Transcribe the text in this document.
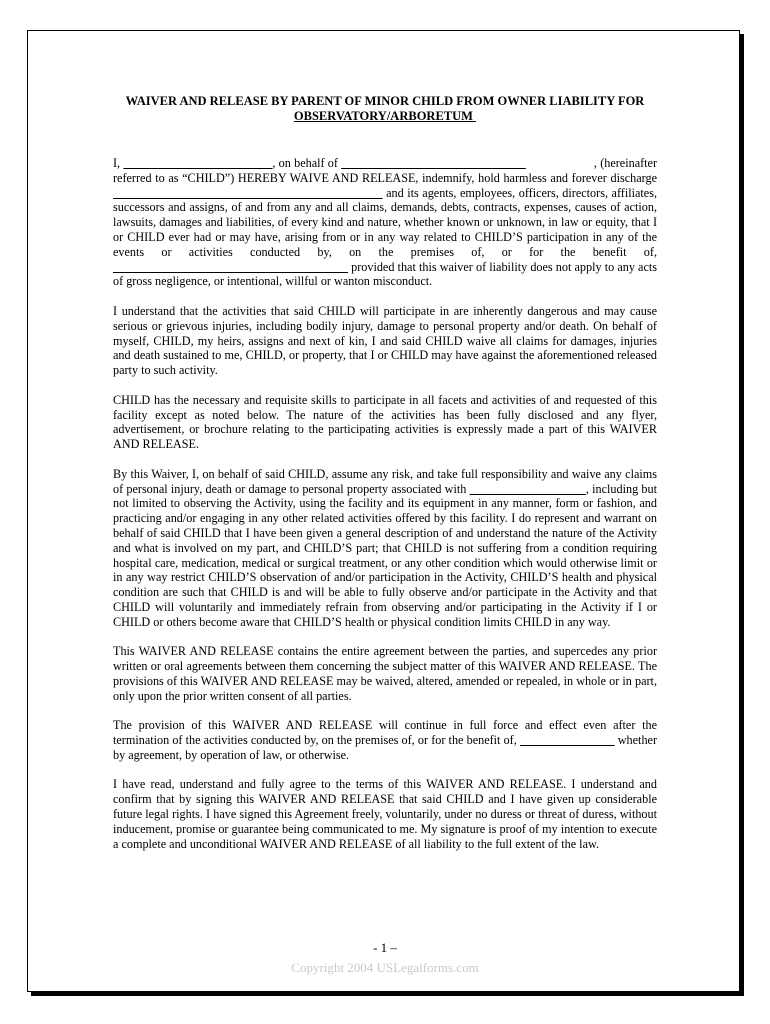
WAIVER AND RELEASE BY PARENT OF MINOR CHILD FROM OWNER LIABILITY FOR
OBSERVATORY/ARBORETUM

I,	, on behalf of	, (hereinafter referred to as “CHILD”) HEREBY WAIVE AND RELEASE, indemnify, hold harmless and forever discharge                                                                              and its agents, employees, officers, directors, affiliates, successors and assigns, of and from any and all claims, demands, debts, contracts, expenses, causes of action, lawsuits, damages and liabilities, of every kind and nature, whether known or unknown, in law or equity, that I or CHILD ever had or may have, arising from or in any way related to CHILD’S participation in any of the events or activities conducted by, on the premises of, or for the benefit of,                                                                             provided that this waiver of liability does not apply to any acts of gross negligence, or intentional, willful or wanton misconduct.

I understand that the activities that said CHILD will participate in are inherently dangerous and may cause serious or grievous injuries, including bodily injury, damage to personal property and/or death. On behalf of myself, CHILD, my heirs, assigns and next of kin, I and said CHILD waive all claims for damages, injuries and death sustained to me, CHILD, or property, that I or CHILD may have against the aforementioned released party to such activity.

CHILD has the necessary and requisite skills to participate in all facets and activities of and requested of this facility except as noted below. The nature of the activities has been fully disclosed and any flyer, advertisement, or brochure relating to the participating activities is expressly made a part of this WAIVER AND RELEASE.

By this Waiver, I, on behalf of said CHILD, assume any risk, and take full responsibility and waive any claims of personal injury, death or damage to personal property associated with	, including but not limited to observing the Activity, using the facility and its equipment in any manner, form or fashion, and practicing and/or engaging in any other related activities offered by this facility. I do represent and warrant on behalf of said CHILD that I have been given a general description of and understand the nature of the Activity and what is involved on my part, and CHILD’S part; that CHILD is not suffering from a condition requiring hospital care, medication, medical or surgical treatment, or any other condition which would otherwise limit or in any way restrict CHILD’S observation of and/or participation in the Activity, CHILD’S health and physical condition are such that CHILD is and will be able to fully observe and/or participate in the Activity and that CHILD will voluntarily and immediately refrain from observing and/or participating in the Activity if I or CHILD or others become aware that CHILD’S health or physical condition limits CHILD in any way.

This WAIVER AND RELEASE contains the entire agreement between the parties, and supercedes any prior written or oral agreements between them concerning the subject matter of this WAIVER AND RELEASE. The provisions of this WAIVER AND RELEASE may be waived, altered, amended or repealed, in whole or in part, only upon the prior written consent of all parties.

The provision of this WAIVER AND RELEASE will continue in full force and effect even after the termination of the activities conducted by, on the premises of, or for the benefit of,	whether by agreement, by operation of law, or otherwise.

I have read, understand and fully agree to the terms of this WAIVER AND RELEASE. I understand and confirm that by signing this WAIVER AND RELEASE that said CHILD and I have given up considerable future legal rights. I have signed this Agreement freely, voluntarily, under no duress or threat of duress, without inducement, promise or guarantee being communicated to me. My signature is proof of my intention to execute a complete and unconditional WAIVER AND RELEASE of all liability to the full extent of the law.

- 1 –
Copyright 2004 USLegalforms.com
